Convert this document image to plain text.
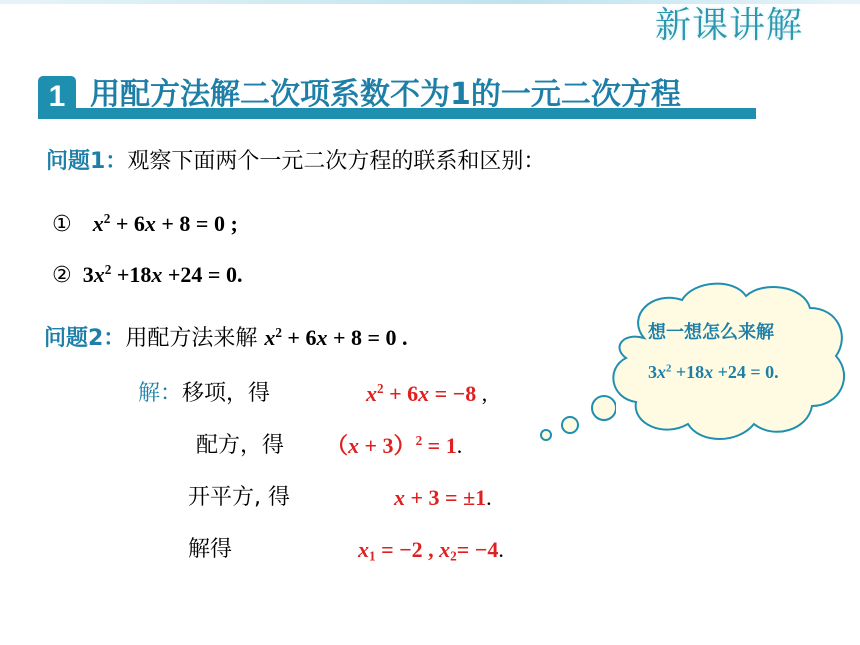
新课讲解
1 用配方法解二次项系数不为1的一元二次方程
问题1：观察下面两个一元二次方程的联系和区别：
① $x^2 + 6x + 8 = 0$ ;
② $3x^2 +18x +24 = 0$.
问题2：用配方法来解 $x^2 + 6x + 8 = 0$ .
解：移项，得	$x^2 + 6x = -8$ ,
配方，得 $(x + 3)^2 = 1$.
开平方, 得	x + 3 = ±1.
解得	$x_1 = -2$ , $x_2= -4$.
想一想怎么来解
$3x^2 +18x +24 = 0$.
